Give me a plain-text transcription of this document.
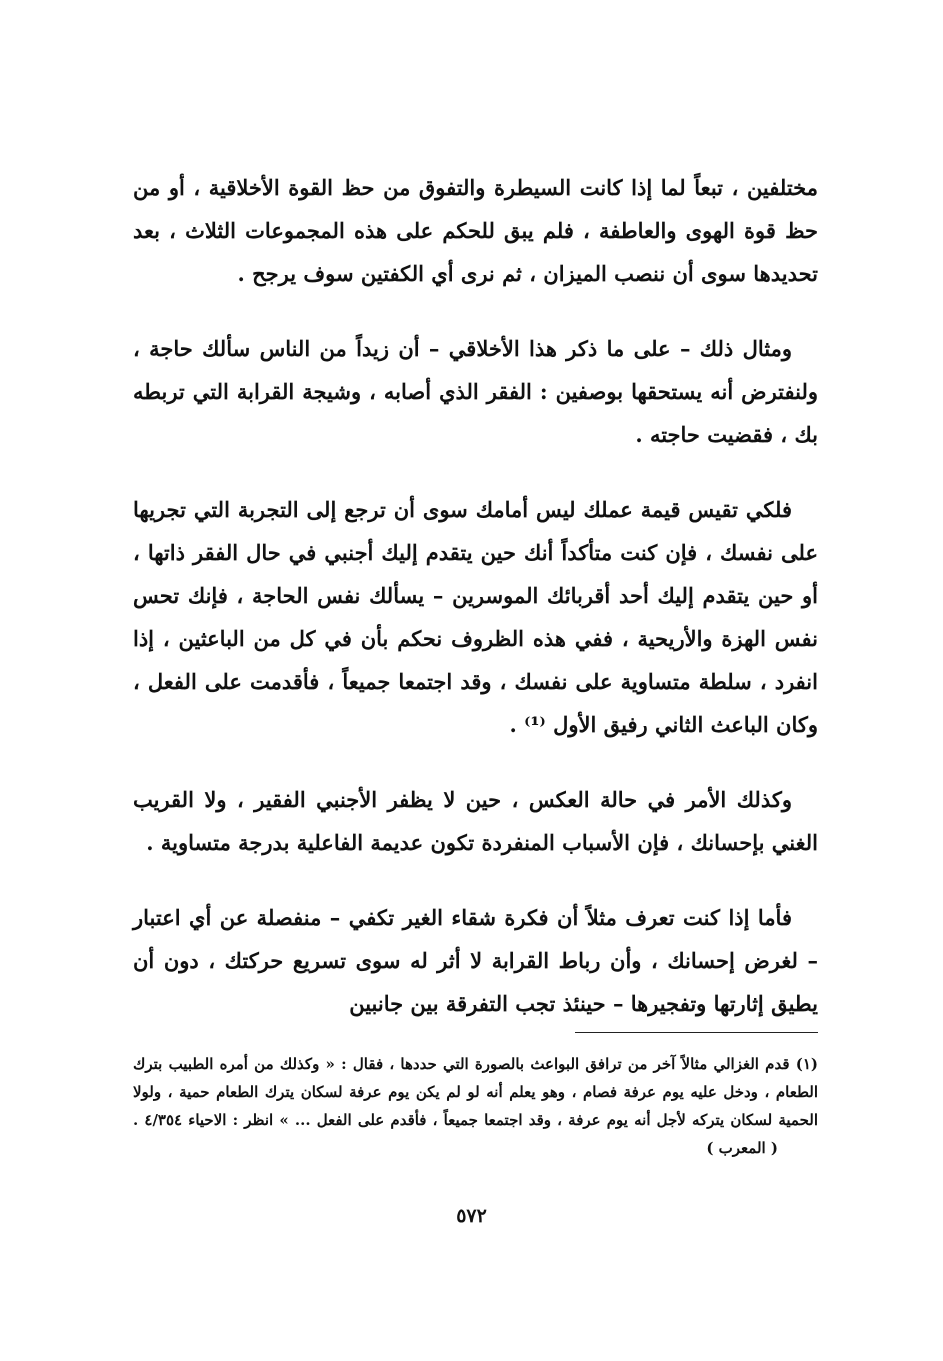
مختلفين ، تبعاً لما إذا كانت السيطرة والتفوق من حظ القوة الأخلاقية ، أو من حظ قوة الهوى والعاطفة ، فلم يبق للحكم على هذه المجموعات الثلاث ، بعد تحديدها سوى أن ننصب الميزان ، ثم نرى أي الكفتين سوف يرجح .

ومثال ذلك – على ما ذكر هذا الأخلاقي – أن زيداً من الناس سألك حاجة ، ولنفترض أنه يستحقها بوصفين : الفقر الذي أصابه ، وشيجة القرابة التي تربطه بك ، فقضيت حاجته .

فلكي تقيس قيمة عملك ليس أمامك سوى أن ترجع إلى التجربة التي تجريها على نفسك ، فإن كنت متأكداً أنك حين يتقدم إليك أجنبي في حال الفقر ذاتها ، أو حين يتقدم إليك أحد أقربائك الموسرين – يسألك نفس الحاجة ، فإنك تحس نفس الهزة والأريحية ، ففي هذه الظروف نحكم بأن في كل من الباعثين ، إذا انفرد ، سلطة متساوية على نفسك ، وقد اجتمعا جميعاً ، فأقدمت على الفعل ، وكان الباعث الثاني رفيق الأول ⁽¹⁾ .

وكذلك الأمر في حالة العكس ، حين لا يظفر الأجنبي الفقير ، ولا القريب الغني بإحسانك ، فإن الأسباب المنفردة تكون عديمة الفاعلية بدرجة متساوية .

فأما إذا كنت تعرف مثلاً أن فكرة شقاء الغير تكفي – منفصلة عن أي اعتبار – لغرض إحسانك ، وأن رباط القرابة لا أثر له سوى تسريع حركتك ، دون أن يطيق إثارتها وتفجيرها – حينئذ تجب التفرقة بين جانبين

(١) قدم الغزالي مثالاً آخر من ترافق البواعث بالصورة التي حددها ، فقال : « وكذلك من أمره الطبيب بترك الطعام ، ودخل عليه يوم عرفة فصام ، وهو يعلم أنه لو لم يكن يوم عرفة لسكان يترك الطعام حمية ، ولولا الحمية لسكان يتركه لأجل أنه يوم عرفة ، وقد اجتمعا جميعاً ، فأقدم على الفعل ... » انظر : الاحياء ٤/٣٥٤ . ( المعرب )

٥٧٢
